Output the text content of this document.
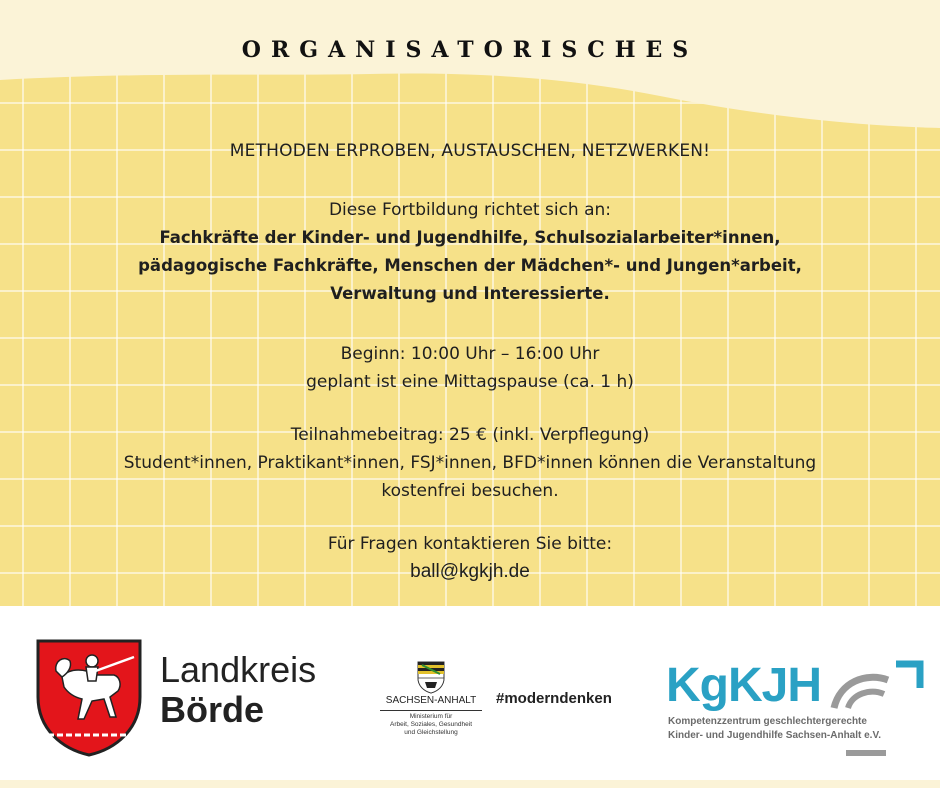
ORGANISATORISCHES
METHODEN ERPROBEN, AUSTAUSCHEN, NETZWERKEN!
Diese Fortbildung richtet sich an:
Fachkräfte der Kinder- und Jugendhilfe, Schulsozialarbeiter*innen,
pädagogische Fachkräfte, Menschen der Mädchen*- und Jungen*arbeit,
Verwaltung und Interessierte.
Beginn: 10:00 Uhr – 16:00 Uhr
geplant ist eine Mittagspause (ca. 1 h)
Teilnahmebeitrag: 25 € (inkl. Verpflegung)
Student*innen, Praktikant*innen, FSJ*innen, BFD*innen können die Veranstaltung
kostenfrei besuchen.
Für Fragen kontaktieren Sie bitte:
ball@kgkjh.de
Landkreis
Börde	SACHSEN-ANHALT
Ministerium für
Arbeit, Soziales, Gesundheit
und Gleichstellung
#moderndenken KgKJH
Kompetenzzentrum geschlechtergerechte
Kinder- und Jugendhilfe Sachsen-Anhalt e.V.
